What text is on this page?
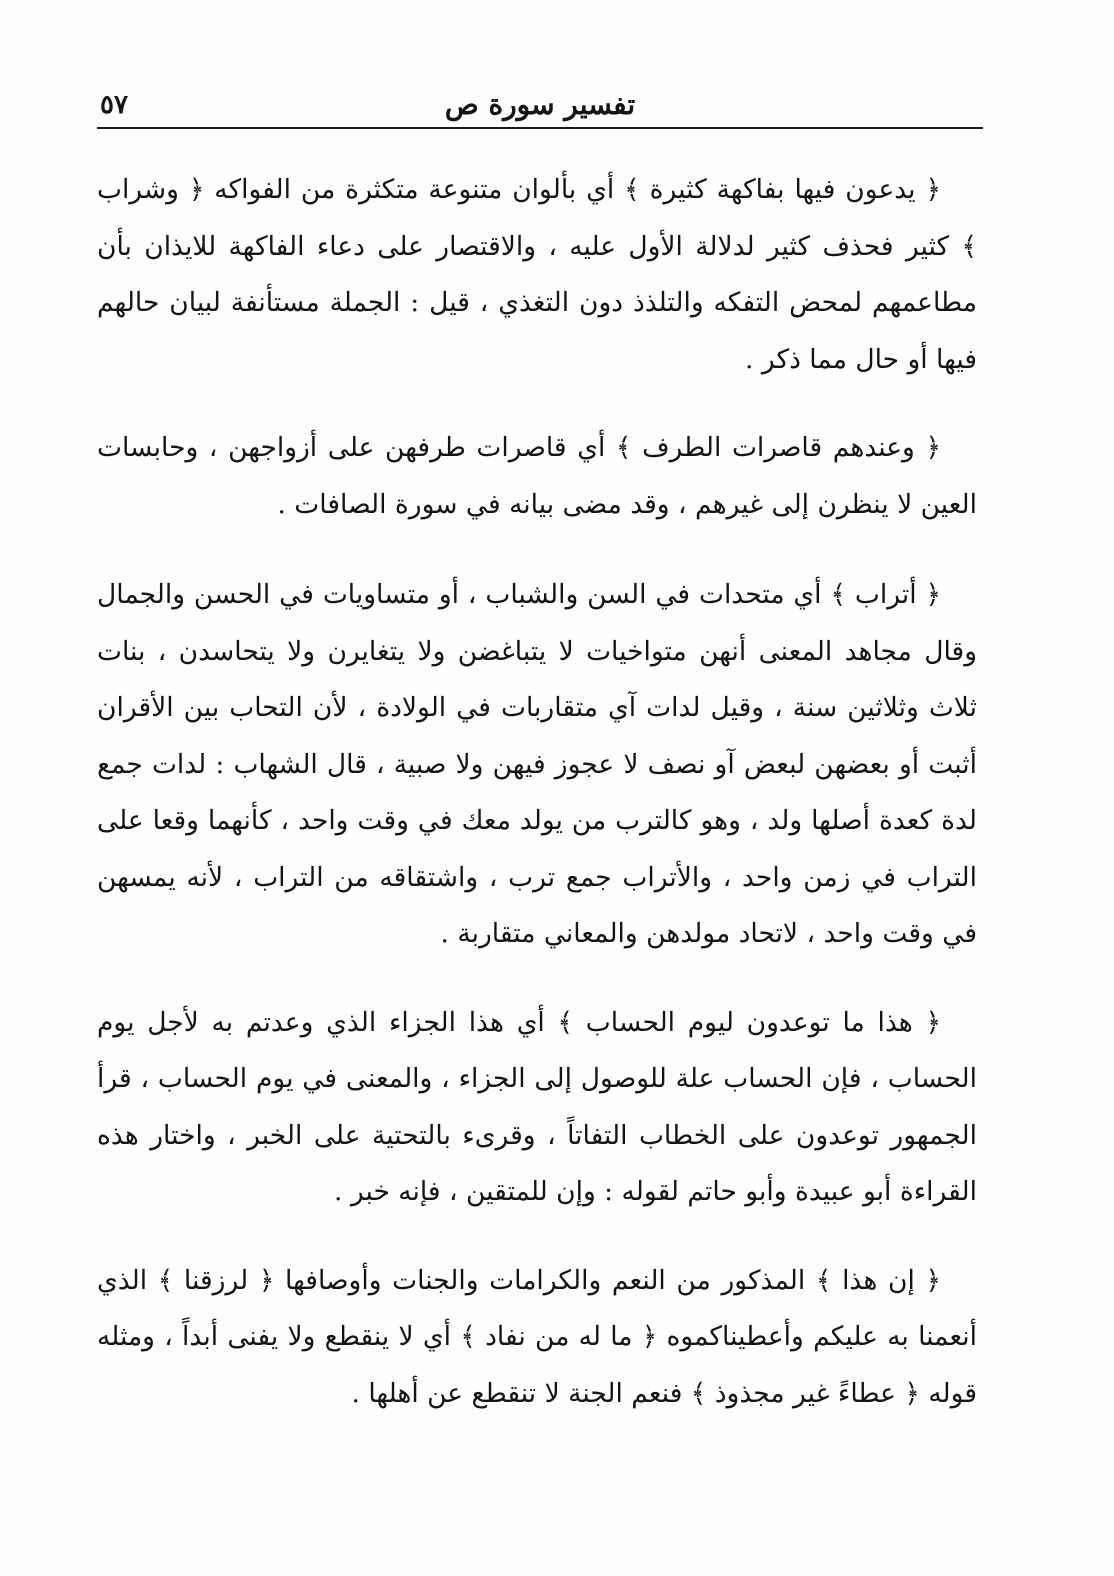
٥٧	تفسير سورة ص

﴿ يدعون فيها بفاكهة كثيرة ﴾ أي بألوان متنوعة متكثرة من الفواكه ﴿ وشراب ﴾ كثير فحذف كثير لدلالة الأول عليه ، والاقتصار على دعاء الفاكهة للايذان بأن مطاعمهم لمحض التفكه والتلذذ دون التغذي ، قيل : الجملة مستأنفة لبيان حالهم فيها أو حال مما ذكر .

﴿ وعندهم قاصرات الطرف ﴾ أي قاصرات طرفهن على أزواجهن ، وحابسات العين لا ينظرن إلى غيرهم ، وقد مضى بيانه في سورة الصافات .

﴿ أتراب ﴾ أي متحدات في السن والشباب ، أو متساويات في الحسن والجمال وقال مجاهد المعنى أنهن متواخيات لا يتباغضن ولا يتغايرن ولا يتحاسدن ، بنات ثلاث وثلاثين سنة ، وقيل لدات آي متقاربات في الولادة ، لأن التحاب بين الأقران أثبت أو بعضهن لبعض آو نصف لا عجوز فيهن ولا صبية ، قال الشهاب : لدات جمع لدة كعدة أصلها ولد ، وهو كالترب من يولد معك في وقت واحد ، كأنهما وقعا على التراب في زمن واحد ، والأتراب جمع ترب ، واشتقاقه من التراب ، لأنه يمسهن في وقت واحد ، لاتحاد مولدهن والمعاني متقاربة .

﴿ هذا ما توعدون ليوم الحساب ﴾ أي هذا الجزاء الذي وعدتم به لأجل يوم الحساب ، فإن الحساب علة للوصول إلى الجزاء ، والمعنى في يوم الحساب ، قرأ الجمهور توعدون على الخطاب التفاتاً ، وقرىء بالتحتية على الخبر ، واختار هذه القراءة أبو عبيدة وأبو حاتم لقوله : وإن للمتقين ، فإنه خبر .

﴿ إن هذا ﴾ المذكور من النعم والكرامات والجنات وأوصافها ﴿ لرزقنا ﴾ الذي أنعمنا به عليكم وأعطيناكموه ﴿ ما له من نفاد ﴾ أي لا ينقطع ولا يفنى أبداً ، ومثله قوله ﴿ عطاءً غير مجذوذ ﴾ فنعم الجنة لا تنقطع عن أهلها .
